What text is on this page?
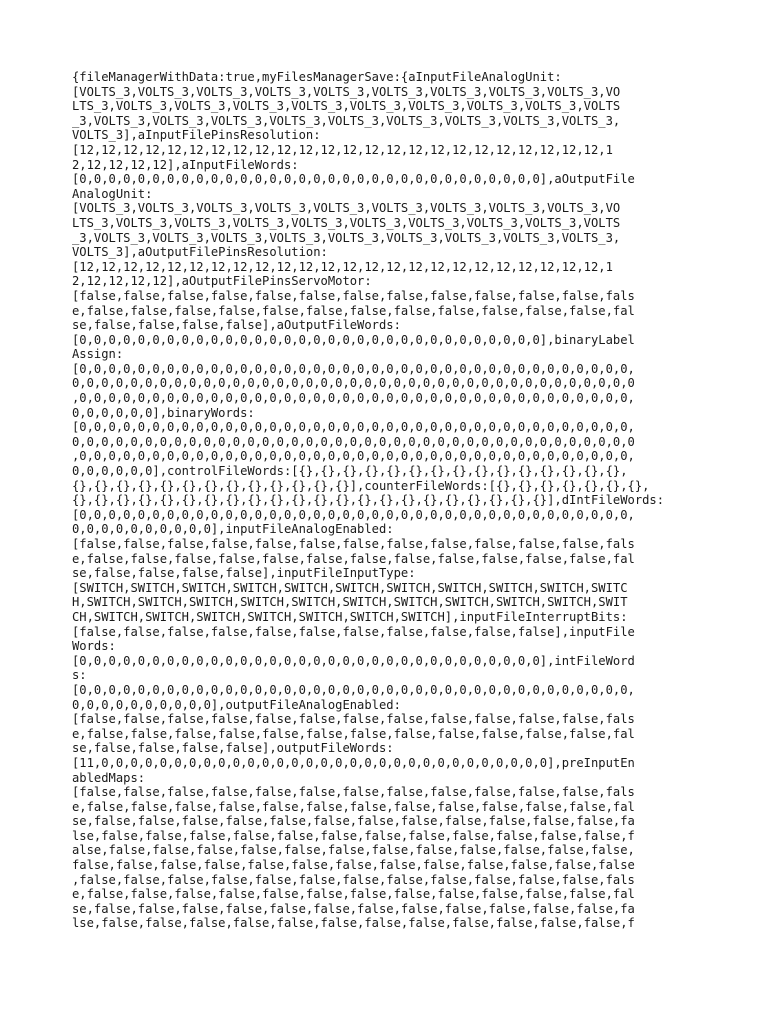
{fileManagerWithData:true,myFilesManagerSave:{aInputFileAnalogUnit:
[VOLTS_3,VOLTS_3,VOLTS_3,VOLTS_3,VOLTS_3,VOLTS_3,VOLTS_3,VOLTS_3,VOLTS_3,VO
LTS_3,VOLTS_3,VOLTS_3,VOLTS_3,VOLTS_3,VOLTS_3,VOLTS_3,VOLTS_3,VOLTS_3,VOLTS
_3,VOLTS_3,VOLTS_3,VOLTS_3,VOLTS_3,VOLTS_3,VOLTS_3,VOLTS_3,VOLTS_3,VOLTS_3,
VOLTS_3],aInputFilePinsResolution:
[12,12,12,12,12,12,12,12,12,12,12,12,12,12,12,12,12,12,12,12,12,12,12,12,1
2,12,12,12,12],aInputFileWords:
[0,0,0,0,0,0,0,0,0,0,0,0,0,0,0,0,0,0,0,0,0,0,0,0,0,0,0,0,0,0,0,0],aOutputFile
AnalogUnit:
[VOLTS_3,VOLTS_3,VOLTS_3,VOLTS_3,VOLTS_3,VOLTS_3,VOLTS_3,VOLTS_3,VOLTS_3,VO
LTS_3,VOLTS_3,VOLTS_3,VOLTS_3,VOLTS_3,VOLTS_3,VOLTS_3,VOLTS_3,VOLTS_3,VOLTS
_3,VOLTS_3,VOLTS_3,VOLTS_3,VOLTS_3,VOLTS_3,VOLTS_3,VOLTS_3,VOLTS_3,VOLTS_3,
VOLTS_3],aOutputFilePinsResolution:
[12,12,12,12,12,12,12,12,12,12,12,12,12,12,12,12,12,12,12,12,12,12,12,12,1
2,12,12,12,12],aOutputFilePinsServoMotor:
[false,false,false,false,false,false,false,false,false,false,false,false,fals
e,false,false,false,false,false,false,false,false,false,false,false,false,fal
se,false,false,false,false],aOutputFileWords:
[0,0,0,0,0,0,0,0,0,0,0,0,0,0,0,0,0,0,0,0,0,0,0,0,0,0,0,0,0,0,0,0],binaryLabel
Assign:
[0,0,0,0,0,0,0,0,0,0,0,0,0,0,0,0,0,0,0,0,0,0,0,0,0,0,0,0,0,0,0,0,0,0,0,0,0,0,
0,0,0,0,0,0,0,0,0,0,0,0,0,0,0,0,0,0,0,0,0,0,0,0,0,0,0,0,0,0,0,0,0,0,0,0,0,0,0
,0,0,0,0,0,0,0,0,0,0,0,0,0,0,0,0,0,0,0,0,0,0,0,0,0,0,0,0,0,0,0,0,0,0,0,0,0,0,
0,0,0,0,0,0],binaryWords:
[0,0,0,0,0,0,0,0,0,0,0,0,0,0,0,0,0,0,0,0,0,0,0,0,0,0,0,0,0,0,0,0,0,0,0,0,0,0,
0,0,0,0,0,0,0,0,0,0,0,0,0,0,0,0,0,0,0,0,0,0,0,0,0,0,0,0,0,0,0,0,0,0,0,0,0,0,0
,0,0,0,0,0,0,0,0,0,0,0,0,0,0,0,0,0,0,0,0,0,0,0,0,0,0,0,0,0,0,0,0,0,0,0,0,0,0,
0,0,0,0,0,0],controlFileWords:[{},{},{},{},{},{},{},{},{},{},{},{},{},{},{},
{},{},{},{},{},{},{},{},{},{},{},{},{}],counterFileWords:[{},{},{},{},{},{},{},
{},{},{},{},{},{},{},{},{},{},{},{},{},{},{},{},{},{},{},{},{},{}],dIntFileWords:
[0,0,0,0,0,0,0,0,0,0,0,0,0,0,0,0,0,0,0,0,0,0,0,0,0,0,0,0,0,0,0,0,0,0,0,0,0,0,
0,0,0,0,0,0,0,0,0,0],inputFileAnalogEnabled:
[false,false,false,false,false,false,false,false,false,false,false,false,fals
e,false,false,false,false,false,false,false,false,false,false,false,false,fal
se,false,false,false,false],inputFileInputType:
[SWITCH,SWITCH,SWITCH,SWITCH,SWITCH,SWITCH,SWITCH,SWITCH,SWITCH,SWITCH,SWITC
H,SWITCH,SWITCH,SWITCH,SWITCH,SWITCH,SWITCH,SWITCH,SWITCH,SWITCH,SWITCH,SWIT
CH,SWITCH,SWITCH,SWITCH,SWITCH,SWITCH,SWITCH,SWITCH],inputFileInterruptBits:
[false,false,false,false,false,false,false,false,false,false,false],inputFile
Words:
[0,0,0,0,0,0,0,0,0,0,0,0,0,0,0,0,0,0,0,0,0,0,0,0,0,0,0,0,0,0,0,0],intFileWord
s:
[0,0,0,0,0,0,0,0,0,0,0,0,0,0,0,0,0,0,0,0,0,0,0,0,0,0,0,0,0,0,0,0,0,0,0,0,0,0,
0,0,0,0,0,0,0,0,0,0],outputFileAnalogEnabled:
[false,false,false,false,false,false,false,false,false,false,false,false,fals
e,false,false,false,false,false,false,false,false,false,false,false,false,fal
se,false,false,false,false],outputFileWords:
[11,0,0,0,0,0,0,0,0,0,0,0,0,0,0,0,0,0,0,0,0,0,0,0,0,0,0,0,0,0,0,0],preInputEn
abledMaps:
[false,false,false,false,false,false,false,false,false,false,false,false,fals
e,false,false,false,false,false,false,false,false,false,false,false,false,fal
se,false,false,false,false,false,false,false,false,false,false,false,false,fa
lse,false,false,false,false,false,false,false,false,false,false,false,false,f
alse,false,false,false,false,false,false,false,false,false,false,false,false,
false,false,false,false,false,false,false,false,false,false,false,false,false
,false,false,false,false,false,false,false,false,false,false,false,false,fals
e,false,false,false,false,false,false,false,false,false,false,false,false,fal
se,false,false,false,false,false,false,false,false,false,false,false,false,fa
lse,false,false,false,false,false,false,false,false,false,false,false,false,f
